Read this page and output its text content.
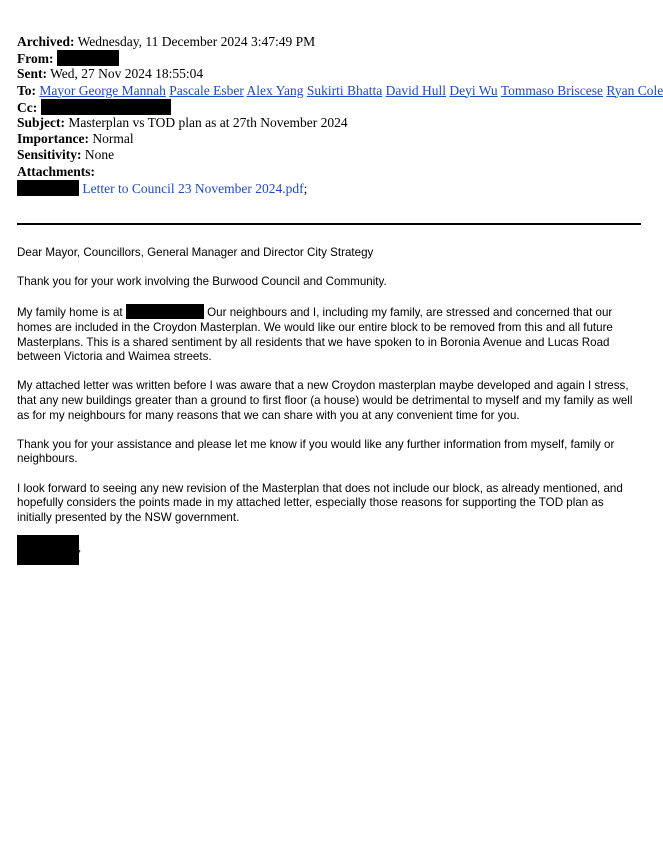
Archived: Wednesday, 11 December 2024 3:47:49 PM
From:
Sent: Wed, 27 Nov 2024 18:55:04
To: Mayor George Mannah Pascale Esber Alex Yang Sukirti Bhatta David Hull Deyi Wu Tommaso Briscese Ryan Cole
Cc:
Subject: Masterplan vs TOD plan as at 27th November 2024
Importance: Normal
Sensitivity: None
Attachments:
Letter to Council 23 November 2024.pdf;

Dear Mayor, Councillors, General Manager and Director City Strategy

Thank you for your work involving the Burwood Council and Community.

My family home is at	Our neighbours and I, including my family, are stressed and concerned that our homes are included in the Croydon Masterplan. We would like our entire block to be removed from this and all future Masterplans. This is a shared sentiment by all residents that we have spoken to in Boronia Avenue and Lucas Road between Victoria and Waimea streets.

My attached letter was written before I was aware that a new Croydon masterplan maybe developed and again I stress, that any new buildings greater than a ground to first floor (a house) would be detrimental to myself and my family as well as for my neighbours for many reasons that we can share with you at any convenient time for you.

Thank you for your assistance and please let me know if you would like any further information from myself, family or neighbours.

I look forward to seeing any new revision of the Masterplan that does not include our block, as already mentioned, and hopefully considers the points made in my attached letter, especially those reasons for supporting the TOD plan as initially presented by the NSW government.

,
